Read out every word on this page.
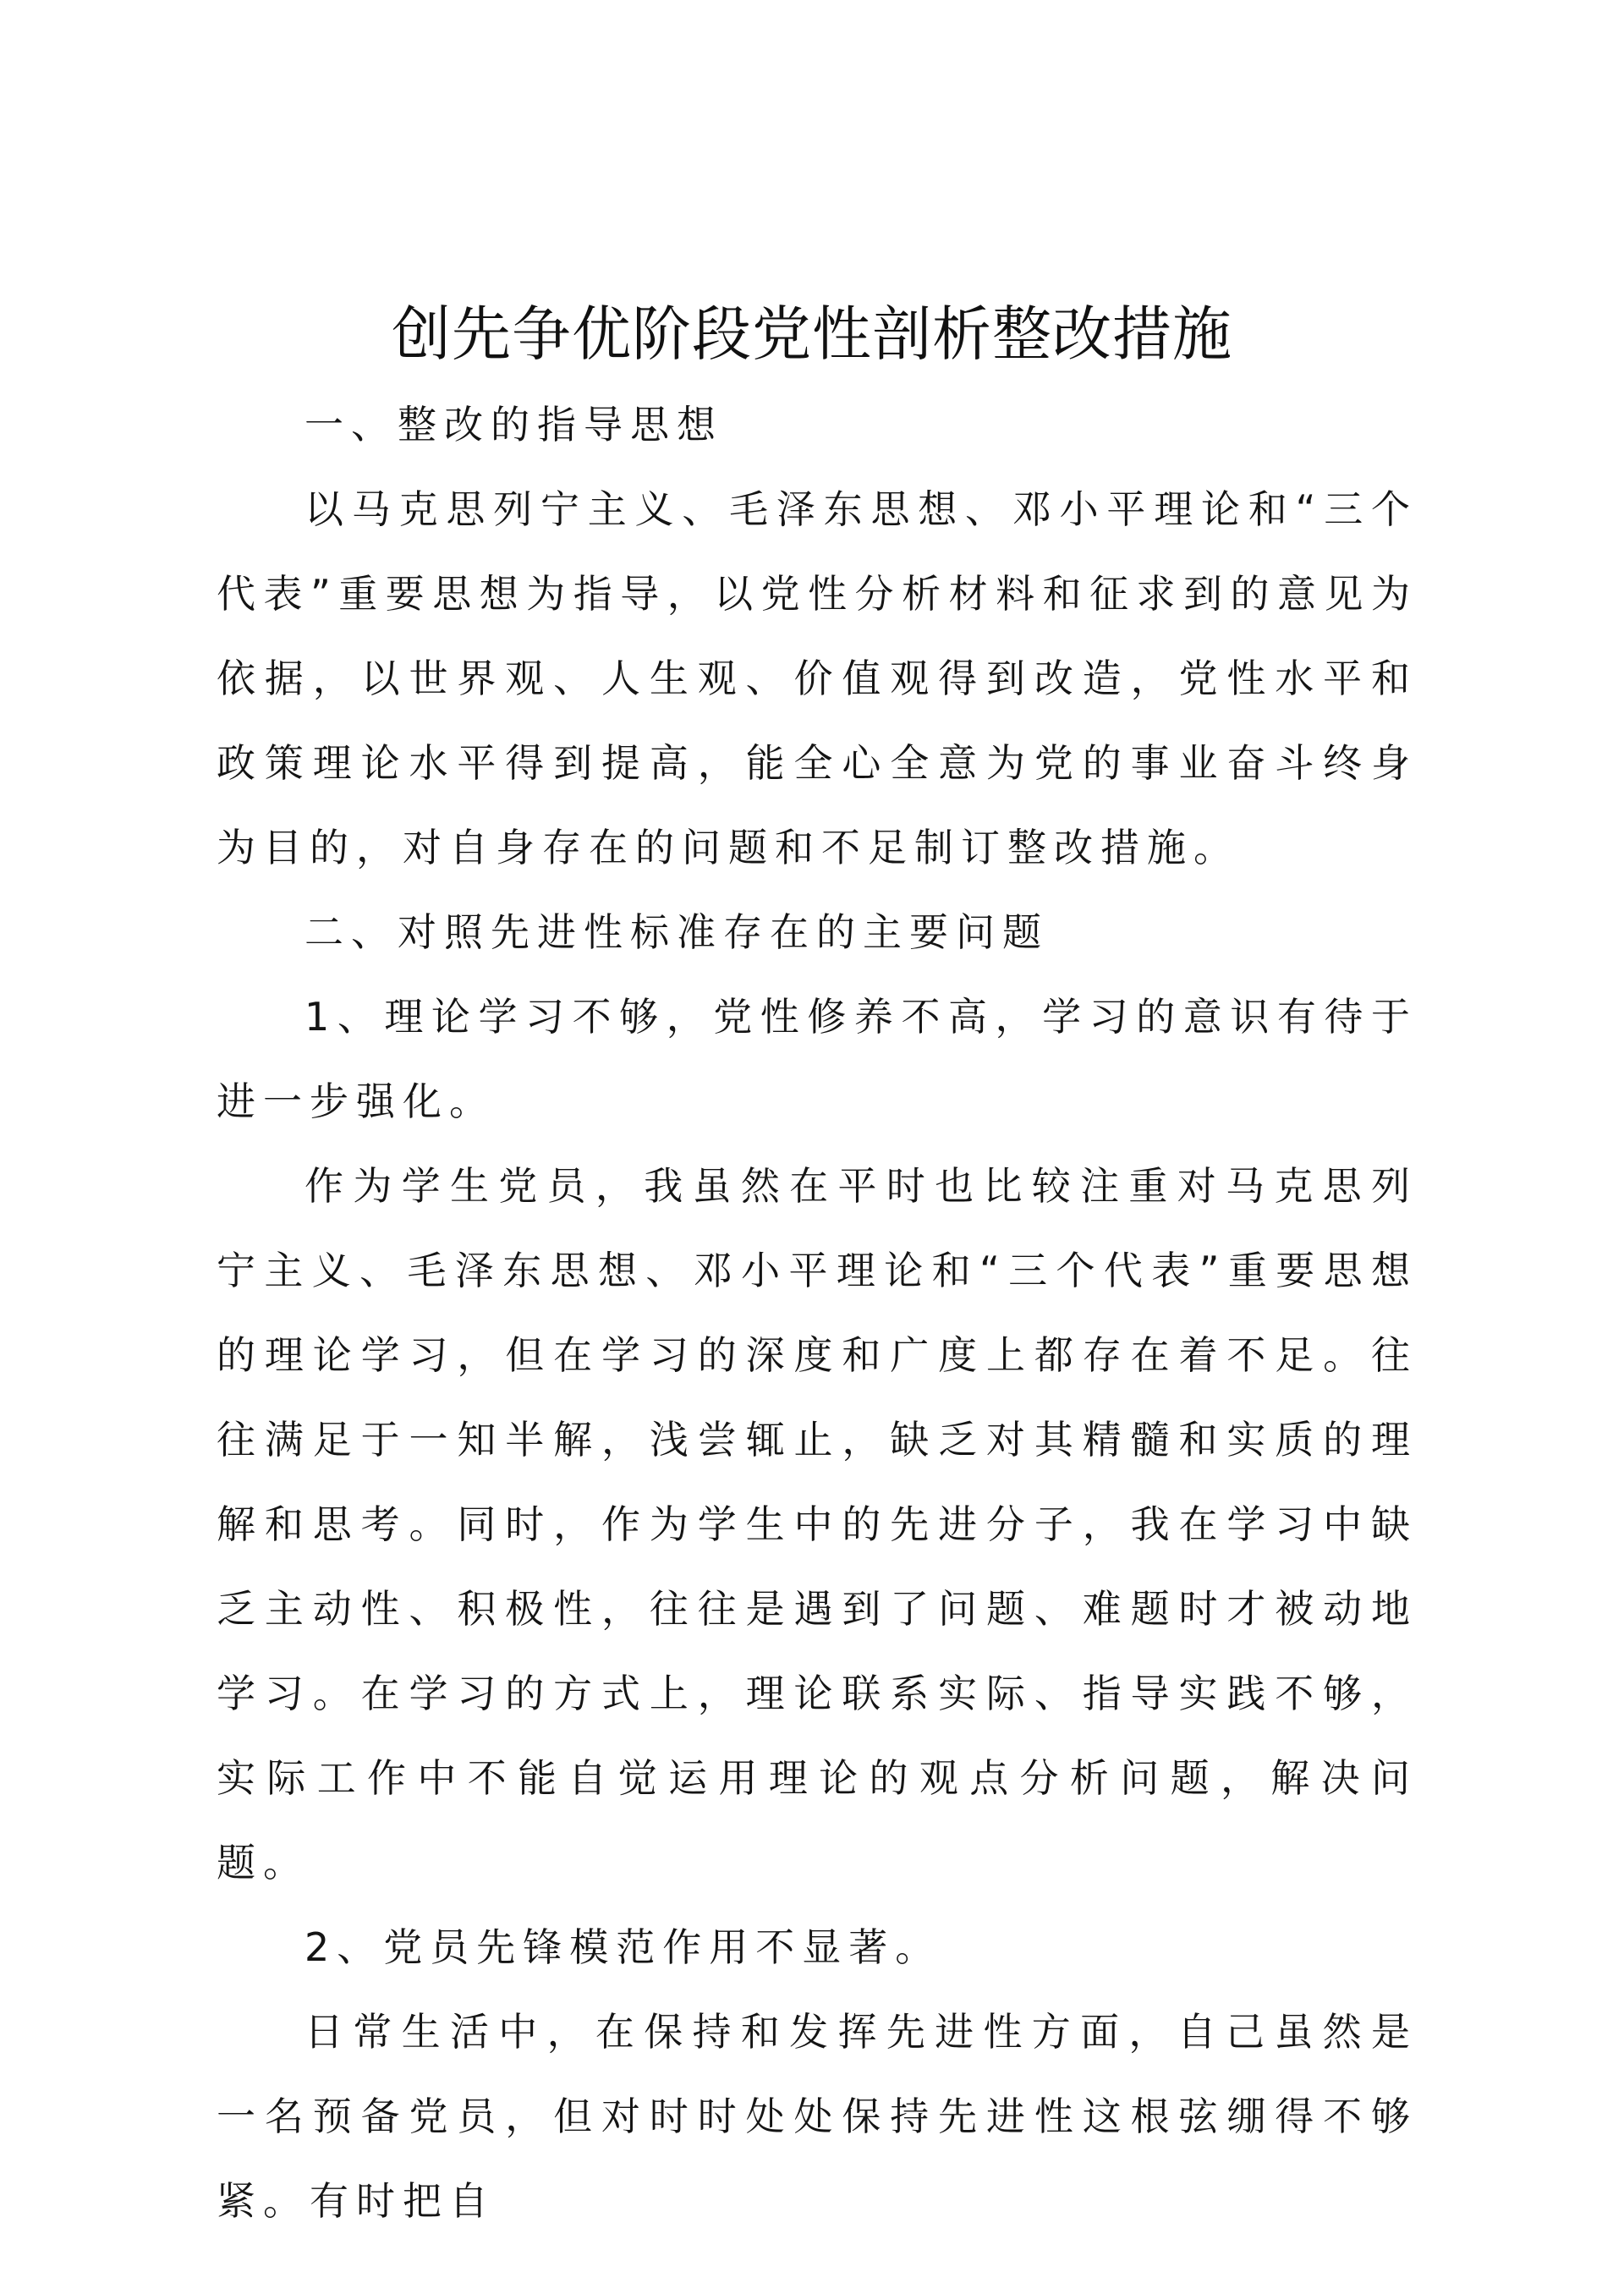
创先争优阶段党性剖析整改措施

一、整改的指导思想

以马克思列宁主义、毛泽东思想、邓小平理论和“三个代表”重要思想为指导，以党性分析材料和征求到的意见为依据，以世界观、人生观、价值观得到改造，党性水平和政策理论水平得到提高，能全心全意为党的事业奋斗终身为目的，对自身存在的问题和不足制订整改措施。

二、对照先进性标准存在的主要问题

1、理论学习不够，党性修养不高，学习的意识有待于进一步强化。

作为学生党员，我虽然在平时也比较注重对马克思列宁主义、毛泽东思想、邓小平理论和“三个代表”重要思想的理论学习，但在学习的深度和广度上都存在着不足。往往满足于一知半解，浅尝辄止，缺乏对其精髓和实质的理解和思考。同时，作为学生中的先进分子，我在学习中缺乏主动性、积极性，往往是遇到了问题、难题时才被动地学习。在学习的方式上，理论联系实际、指导实践不够，实际工作中不能自觉运用理论的观点分析问题，解决问题。

2、党员先锋模范作用不显著。

日常生活中，在保持和发挥先进性方面，自己虽然是一名预备党员，但对时时处处保持先进性这根弦绷得不够紧。有时把自
